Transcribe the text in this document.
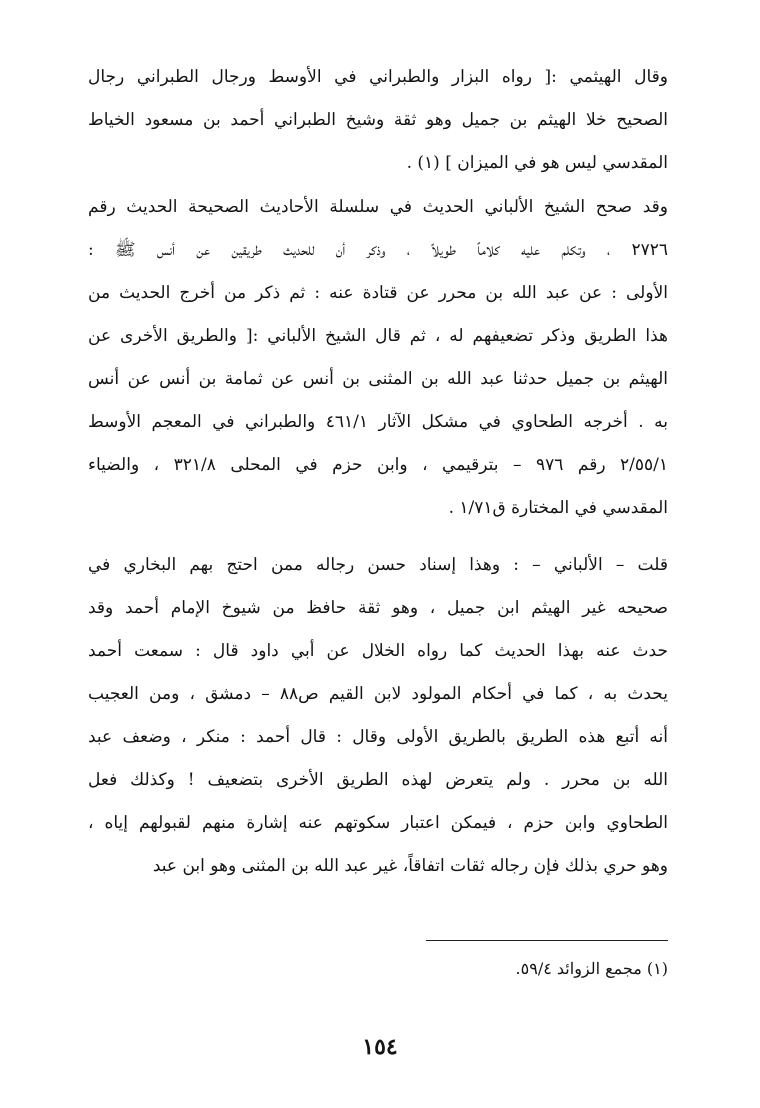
وقال الهيثمي :[ رواه البزار والطبراني في الأوسط ورجال الطبراني رجال
الصحيح خلا الهيثم بن جميل وهو ثقة وشيخ الطبراني أحمد بن مسعود الخياط
المقدسي ليس هو في الميزان ] (١) .
وقد صحح الشيخ الألباني الحديث في سلسلة الأحاديث الصحيحة الحديث رقم
٢٧٢٦ ، وتكلم عليه كلاماً طويلاً ، وذكر أن للحديث طريقين عن أنس ﷺ :
الأولى : عن عبد الله بن محرر عن قتادة عنه : ثم ذكر من أخرج الحديث من
هذا الطريق وذكر تضعيفهم له ، ثم قال الشيخ الألباني :[ والطريق الأخرى عن
الهيثم بن جميل حدثنا عبد الله بن المثنى بن أنس عن ثمامة بن أنس عن أنس
به . أخرجه الطحاوي في مشكل الآثار ٤٦١/١ والطبراني في المعجم الأوسط
٢/٥٥/١ رقم ٩٧٦ – بترقيمي ، وابن حزم في المحلى ٣٢١/٨ ، والضياء
المقدسي في المختارة ق١/٧١ .
قلت – الألباني – : وهذا إسناد حسن رجاله ممن احتج بهم البخاري في
صحيحه غير الهيثم ابن جميل ، وهو ثقة حافظ من شيوخ الإمام أحمد وقد
حدث عنه بهذا الحديث كما رواه الخلال عن أبي داود قال : سمعت أحمد
يحدث به ، كما في أحكام المولود لابن القيم ص٨٨ – دمشق ، ومن العجيب
أنه أتبع هذه الطريق بالطريق الأولى وقال : قال أحمد : منكر ، وضعف عبد
الله بن محرر . ولم يتعرض لهذه الطريق الأخرى بتضعيف ! وكذلك فعل
الطحاوي وابن حزم ، فيمكن اعتبار سكوتهم عنه إشارة منهم لقبولهم إياه ،
وهو حري بذلك فإن رجاله ثقات اتفاقاً، غير عبد الله بن المثنى وهو ابن عبد
(١) مجمع الزوائد ٥٩/٤.
١٥٤
